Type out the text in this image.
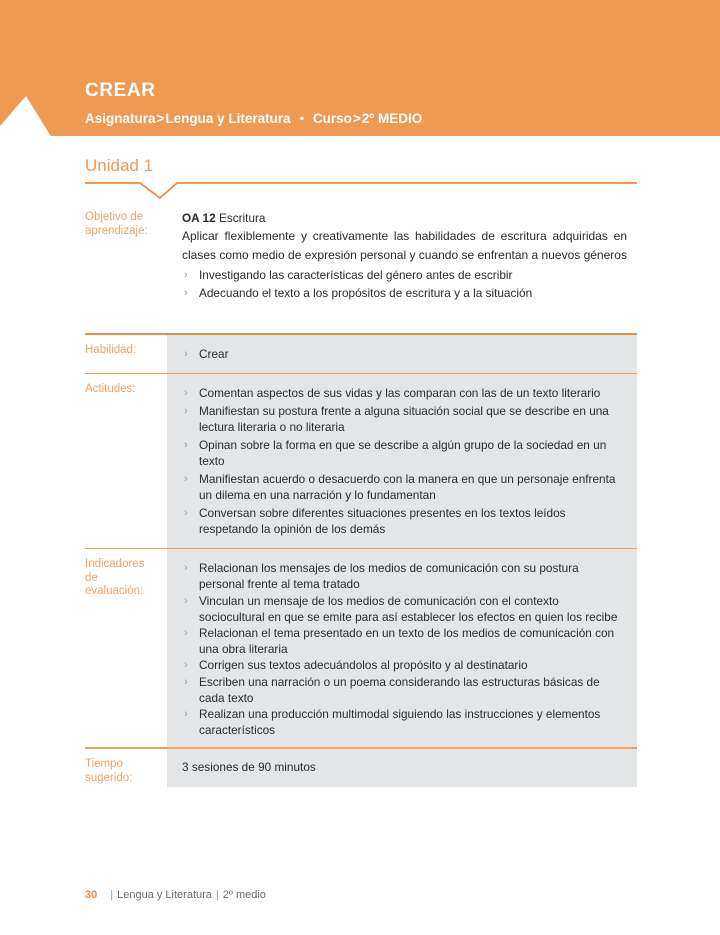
CREAR
Asignatura>Lengua y Literatura • Curso>2º MEDIO
Unidad 1
Objetivo de
aprendizaje:
OA 12 Escritura

Aplicar flexiblemente y creativamente las habilidades de escritura adquiridas en clases como medio de expresión personal y cuando se enfrentan a nuevos géneros

› Investigando las características del género antes de escribir
› Adecuando el texto a los propósitos de escritura y a la situación
Habilidad:	› Crear
Actitudes:	› Comentan aspectos de sus vidas y las comparan con las de un texto literario
› Manifiestan su postura frente a alguna situación social que se describe en una lectura literaria o no literaria
› Opinan sobre la forma en que se describe a algún grupo de la sociedad en un texto
› Manifiestan acuerdo o desacuerdo con la manera en que un personaje enfrenta un dilema en una narración y lo fundamentan
› Conversan sobre diferentes situaciones presentes en los textos leídos respetando la opinión de los demás
Indicadores
de
evaluación:
› Relacionan los mensajes de los medios de comunicación con su postura personal frente al tema tratado
› Vinculan un mensaje de los medios de comunicación con el contexto sociocultural en que se emite para así establecer los efectos en quien los recibe
› Relacionan el tema presentado en un texto de los medios de comunicación con una obra literaria
› Corrigen sus textos adecuándolos al propósito y al destinatario
› Escriben una narración o un poema considerando las estructuras básicas de cada texto
› Realizan una producción multimodal siguiendo las instrucciones y elementos característicos
Tiempo
sugerido:
3 sesiones de 90 minutos
30 | Lengua y Literatura | 2º medio
